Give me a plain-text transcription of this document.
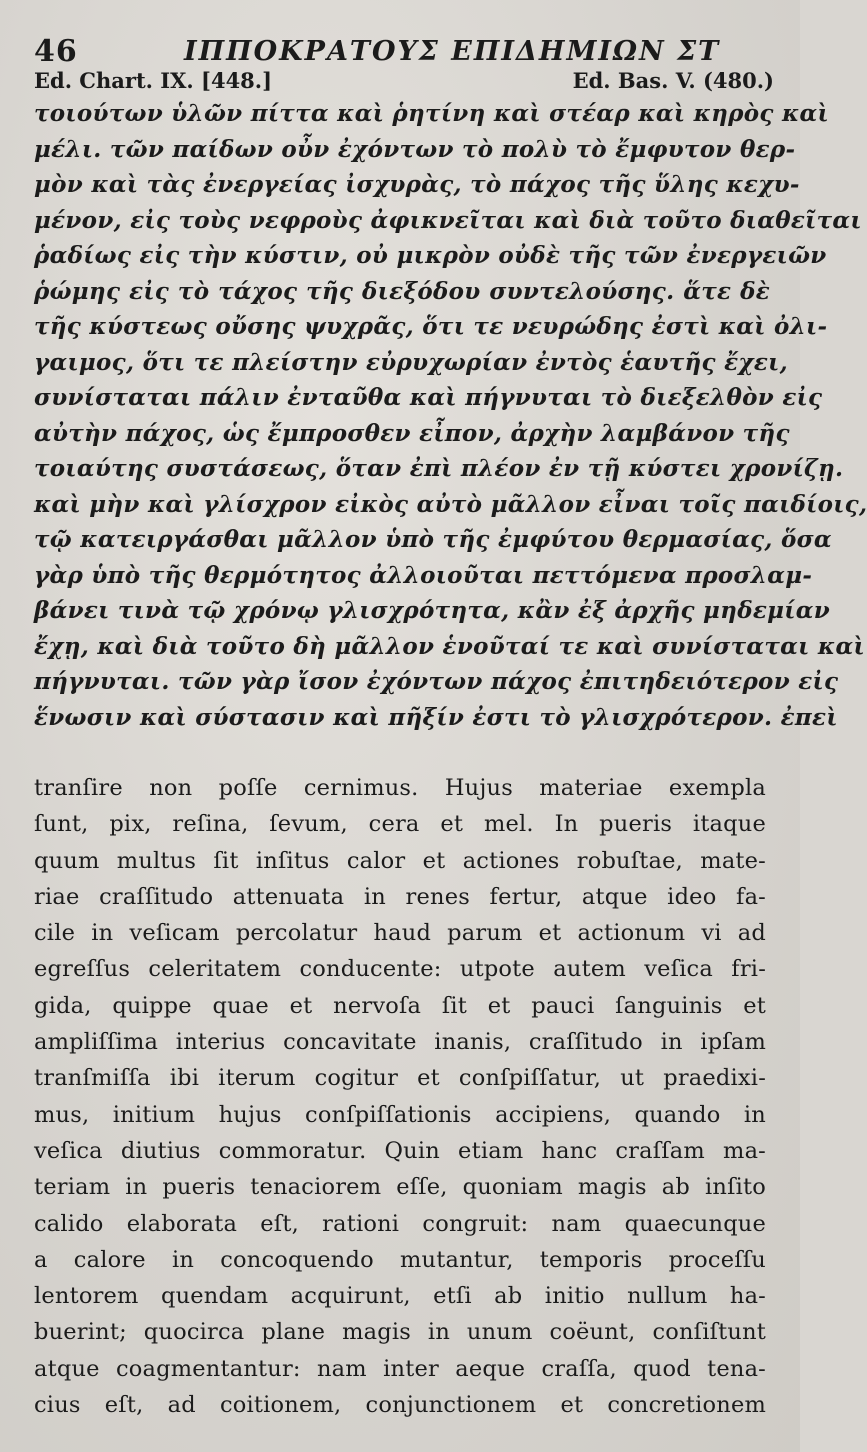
46	ΙΠΠΟΚΡΑΤΟΥΣ ΕΠΙΔΗΜΙΩΝ ΣΤ
Ed. Chart. IX. [448.]	Ed. Bas. V. (480.)
τοιούτων ὑλῶν πίττα καὶ ῥητίνη καὶ στέαρ καὶ κηρὸς καὶ
μέλι. τῶν παίδων οὖν ἐχόντων τὸ πολὺ τὸ ἔμφυτον θερ-
μὸν καὶ τὰς ἐνεργείας ἰσχυρὰς, τὸ πάχος τῆς ὕλης κεχυ-
μένον, εἰς τοὺς νεφροὺς ἀφικνεῖται καὶ διὰ τοῦτο διαθεῖται
ῥαδίως εἰς τὴν κύστιν, οὐ μικρὸν οὐδὲ τῆς τῶν ἐνεργειῶν
ῥώμης εἰς τὸ τάχος τῆς διεξόδου συντελούσης. ἅτε δὲ
τῆς κύστεως οὔσης ψυχρᾶς, ὅτι τε νευρώδης ἐστὶ καὶ ὀλι-
γαιμος, ὅτι τε πλείστην εὐρυχωρίαν ἐντὸς ἑαυτῆς ἔχει,
συνίσταται πάλιν ἐνταῦθα καὶ πήγνυται τὸ διεξελθὸν εἰς
αὐτὴν πάχος, ὡς ἔμπροσθεν εἶπον, ἀρχὴν λαμβάνον τῆς
τοιαύτης συστάσεως, ὅταν ἐπὶ πλέον ἐν τῇ κύστει χρονίζῃ.
καὶ μὴν καὶ γλίσχρον εἰκὸς αὐτὸ μᾶλλον εἶναι τοῖς παιδίοις,
τῷ κατειργάσθαι μᾶλλον ὑπὸ τῆς ἐμφύτου θερμασίας, ὅσα
γὰρ ὑπὸ τῆς θερμότητος ἀλλοιοῦται πεττόμενα προσλαμ-
βάνει τινὰ τῷ χρόνῳ γλισχρότητα, κἂν ἐξ ἀρχῆς μηδεμίαν
ἔχῃ, καὶ διὰ τοῦτο δὴ μᾶλλον ἑνοῦταί τε καὶ συνίσταται καὶ
πήγνυται. τῶν γὰρ ἴσον ἐχόντων πάχος ἐπιτηδειότερον εἰς
ἕνωσιν καὶ σύστασιν καὶ πῆξίν ἐστι τὸ γλισχρότερον. ἐπεὶ
tranſire non poſſe cernimus. Hujus materiae exempla
ſunt, pix, reſina, ſevum, cera et mel. In pueris itaque
quum multus ſit inſitus calor et actiones robuſtae, mate-
riae craſſitudo attenuata in renes fertur, atque ideo fa-
cile in veſicam percolatur haud parum et actionum vi ad
egreſſus celeritatem conducente: utpote autem veſica fri-
gida, quippe quae et nervoſa ſit et pauci ſanguinis et
ampliſſima interius concavitate inanis, craſſitudo in ipſam
tranſmiſſa ibi iterum cogitur et conſpiſſatur, ut praedixi-
mus, initium hujus conſpiſſationis accipiens, quando in
veſica diutius commoratur. Quin etiam hanc craſſam ma-
teriam in pueris tenaciorem eſſe, quoniam magis ab inſito
calido elaborata eſt, rationi congruit: nam quaecunque
a calore in concoquendo mutantur, temporis proceſſu
lentorem quendam acquirunt, etſi ab initio nullum ha-
buerint; quocirca plane magis in unum coëunt, conſiſtunt
atque coagmentantur: nam inter aeque craſſa, quod tena-
cius eſt, ad coitionem, conjunctionem et concretionem
